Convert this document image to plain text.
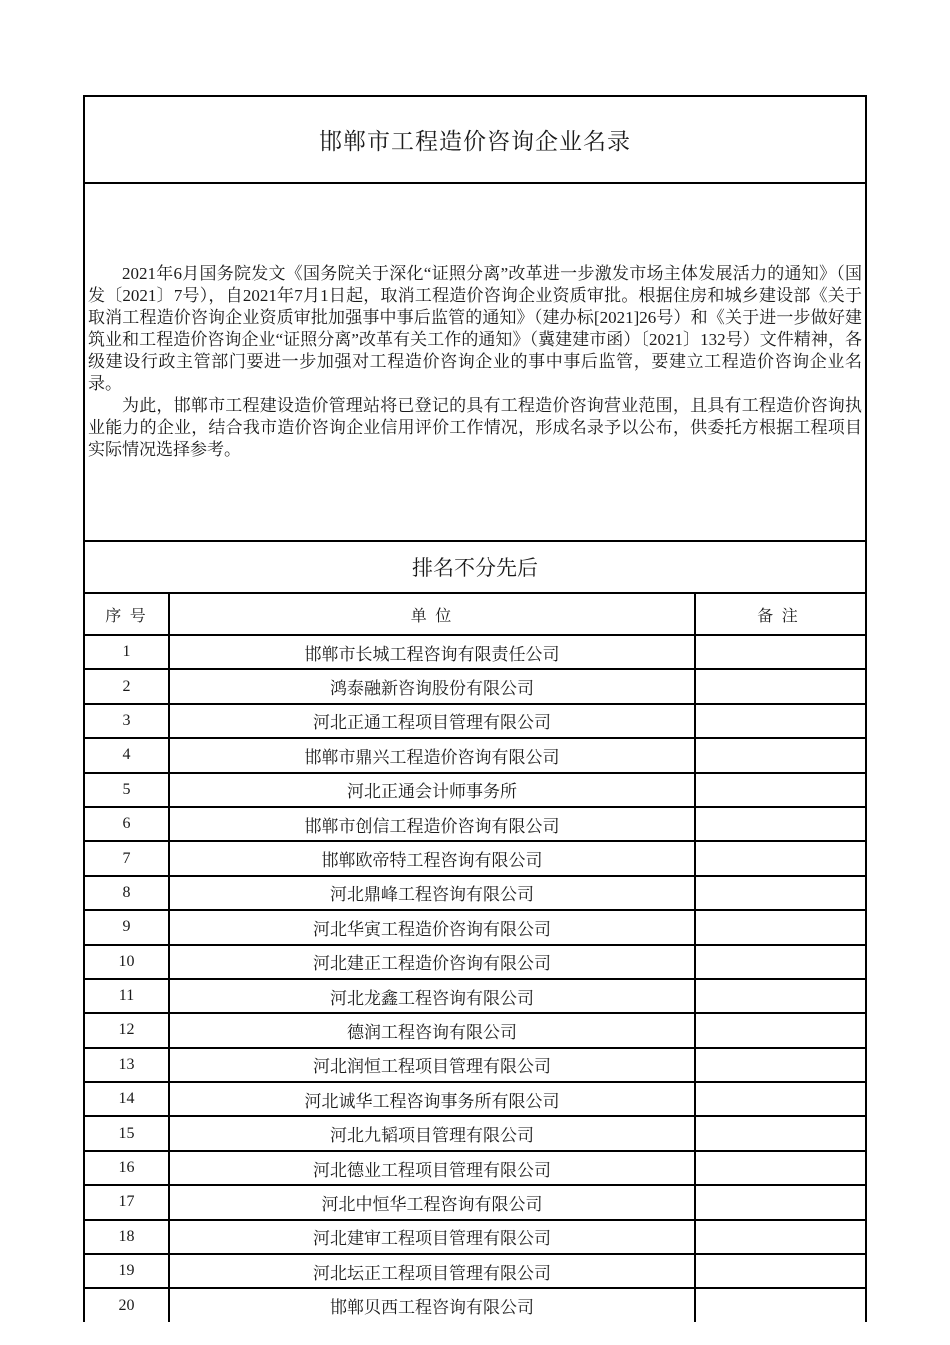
邯郸市工程造价咨询企业名录

2021年6月国务院发文《国务院关于深化“证照分离”改革进一步激发市场主体发展活力的通知》（国发〔2021〕7号），自2021年7月1日起，取消工程造价咨询企业资质审批。根据住房和城乡建设部《关于取消工程造价咨询企业资质审批加强事中事后监管的通知》（建办标[2021]26号）和《关于进一步做好建筑业和工程造价咨询企业“证照分离”改革有关工作的通知》（冀建建市函）〔2021〕132号）文件精神，各级建设行政主管部门要进一步加强对工程造价咨询企业的事中事后监管，要建立工程造价咨询企业名录。

为此，邯郸市工程建设造价管理站将已登记的具有工程造价咨询营业范围，且具有工程造价咨询执业能力的企业，结合我市造价咨询企业信用评价工作情况，形成名录予以公布，供委托方根据工程项目实际情况选择参考。

排名不分先后
序 号	单 位	备 注
1	邯郸市长城工程咨询有限责任公司
2	鸿泰融新咨询股份有限公司
3	河北正通工程项目管理有限公司
4	邯郸市鼎兴工程造价咨询有限公司
5	河北正通会计师事务所
6	邯郸市创信工程造价咨询有限公司
7	邯郸欧帝特工程咨询有限公司
8	河北鼎峰工程咨询有限公司
9	河北华寅工程造价咨询有限公司
10	河北建正工程造价咨询有限公司
11	河北龙鑫工程咨询有限公司
12	德润工程咨询有限公司
13	河北润恒工程项目管理有限公司
14	河北诚华工程咨询事务所有限公司
15	河北九韬项目管理有限公司
16	河北德业工程项目管理有限公司
17	河北中恒华工程咨询有限公司
18	河北建审工程项目管理有限公司
19	河北坛正工程项目管理有限公司
20	邯郸贝西工程咨询有限公司
